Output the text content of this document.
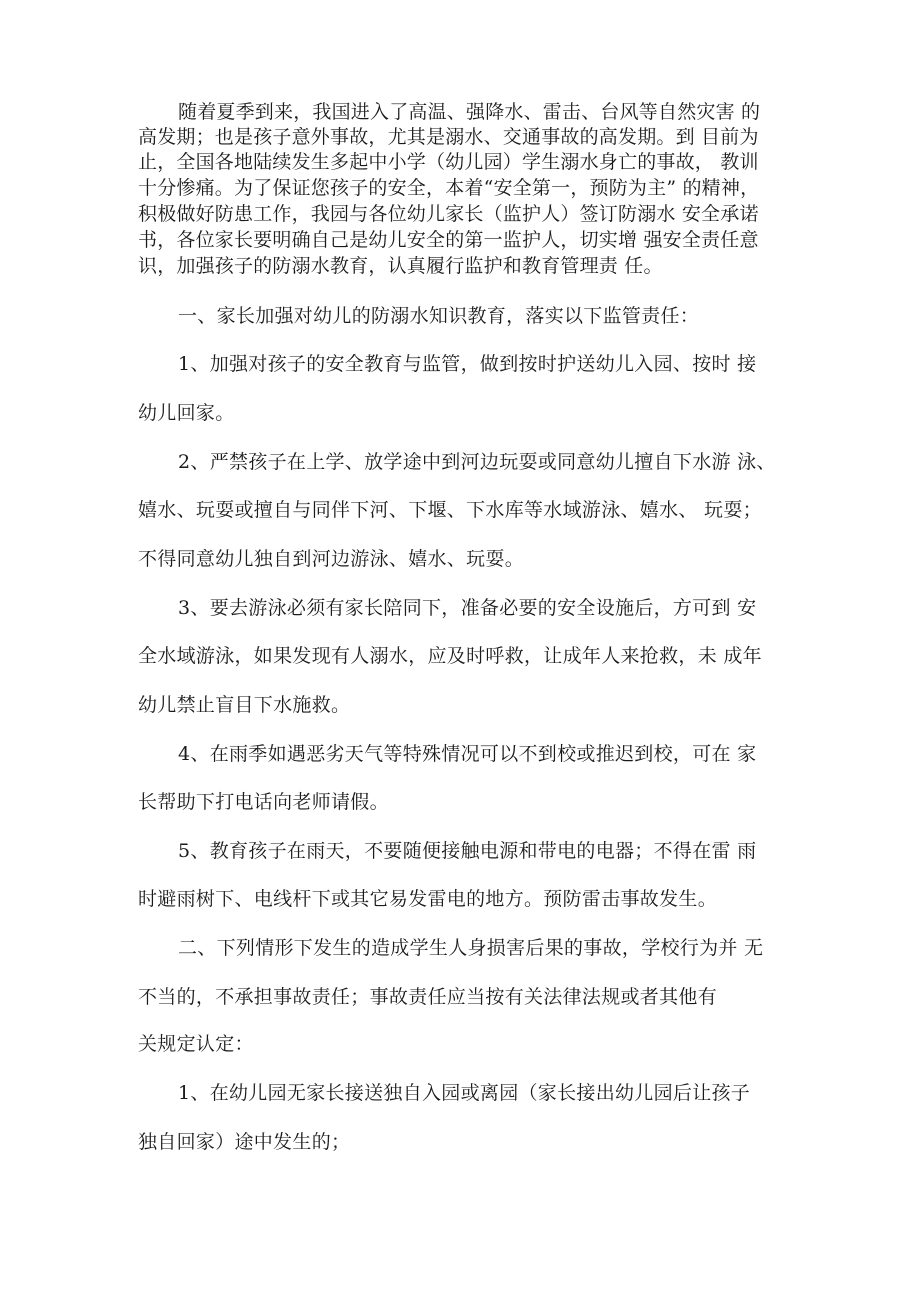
随着夏季到来，我国进入了高温、强降水、雷击、台风等自然灾害 的
高发期；也是孩子意外事故，尤其是溺水、交通事故的高发期。到 目前为
止，全国各地陆续发生多起中小学（幼儿园）学生溺水身亡的事故， 教训
十分惨痛。为了保证您孩子的安全，本着“安全第一，预防为主” 的精神，
积极做好防患工作，我园与各位幼儿家长（监护人）签订防溺水 安全承诺
书，各位家长要明确自己是幼儿安全的第一监护人，切实增 强安全责任意
识，加强孩子的防溺水教育，认真履行监护和教育管理责 任。
一、家长加强对幼儿的防溺水知识教育，落实以下监管责任：
1、加强对孩子的安全教育与监管，做到按时护送幼儿入园、按时 接
幼儿回家。
2、严禁孩子在上学、放学途中到河边玩耍或同意幼儿擅自下水游 泳、
嬉水、玩耍或擅自与同伴下河、下堰、下水库等水域游泳、嬉水、 玩耍；
不得同意幼儿独自到河边游泳、嬉水、玩耍。
3、要去游泳必须有家长陪同下，准备必要的安全设施后，方可到 安
全水域游泳，如果发现有人溺水，应及时呼救，让成年人来抢救，未 成年
幼儿禁止盲目下水施救。
4、在雨季如遇恶劣天气等特殊情况可以不到校或推迟到校，可在 家
长帮助下打电话向老师请假。
5、教育孩子在雨天，不要随便接触电源和带电的电器；不得在雷 雨
时避雨树下、电线杆下或其它易发雷电的地方。预防雷击事故发生。
二、下列情形下发生的造成学生人身损害后果的事故，学校行为并 无
不当的，不承担事故责任；事故责任应当按有关法律法规或者其他有
关规定认定：
1、在幼儿园无家长接送独自入园或离园（家长接出幼儿园后让孩子
独自回家）途中发生的；
